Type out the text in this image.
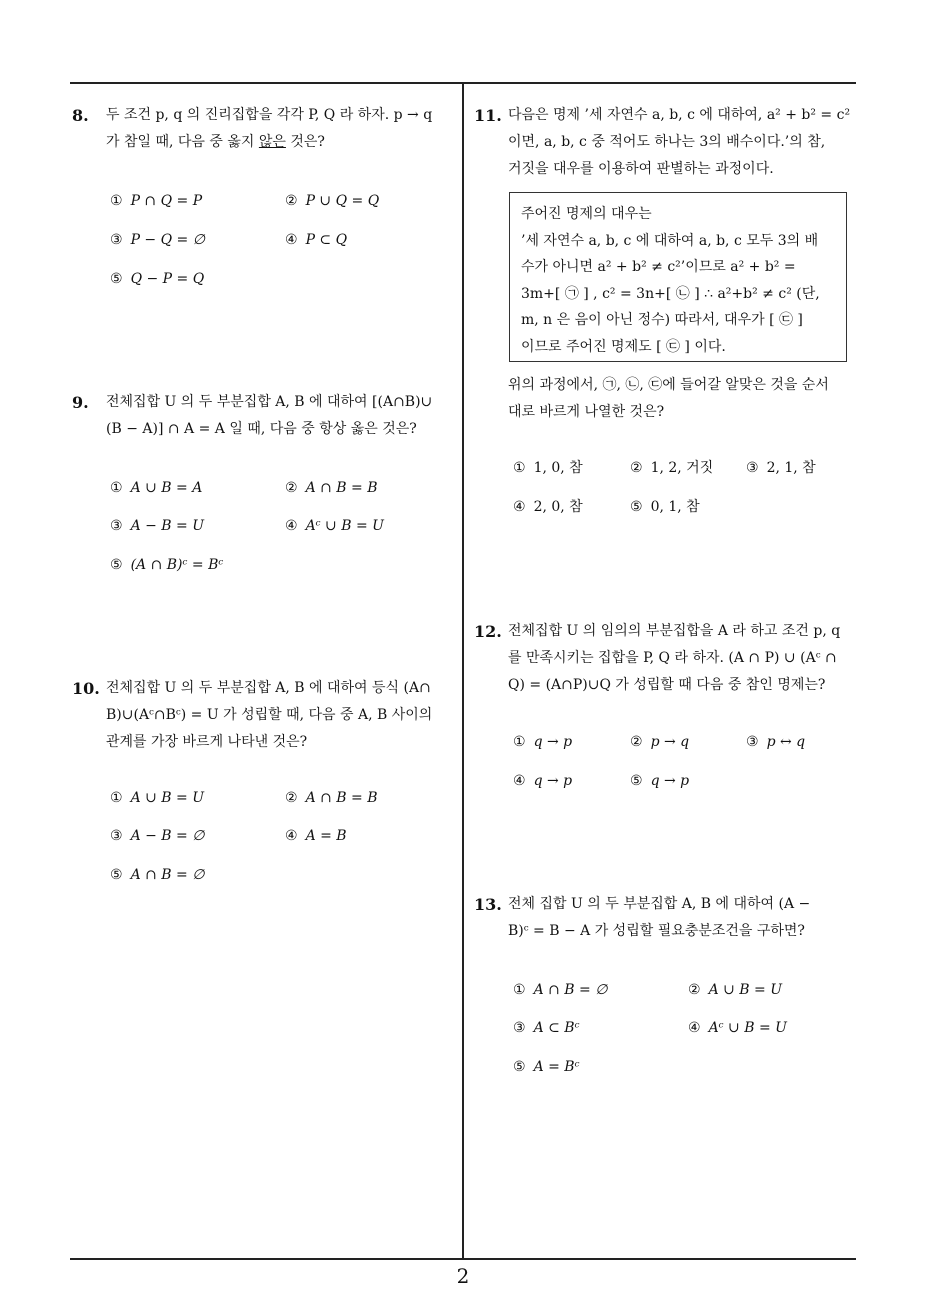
8. 두 조건 p, q 의 진리집합을 각각 P, Q 라 하자. p → q
가 참일 때, 다음 중 옳지 않은 것은?
① P ∩ Q = P	② P ∪ Q = Q
③ P − Q = ∅	④ P ⊂ Q
⑤ Q − P = Q
9. 전체집합 U 의 두 부분집합 A, B 에 대하여 [(A∩B)∪
(B − A)] ∩ A = A 일 때, 다음 중 항상 옳은 것은?
① A ∪ B = A	② A ∩ B = B
③ A − B = U	④ Aᶜ ∪ B = U
⑤ (A ∩ B)ᶜ = Bᶜ
10. 전체집합 U 의 두 부분집합 A, B 에 대하여 등식 (A∩
B)∪(Aᶜ∩Bᶜ) = U 가 성립할 때, 다음 중 A, B 사이의
관계를 가장 바르게 나타낸 것은?
① A ∪ B = U	② A ∩ B = B
③ A − B = ∅	④ A = B
⑤ A ∩ B = ∅
11. 다음은 명제 ’세 자연수 a, b, c 에 대하여, a² + b² = c²
이면, a, b, c 중 적어도 하나는 3의 배수이다.’의 참,
거짓을 대우를 이용하여 판별하는 과정이다.
주어진 명제의 대우는
’세 자연수 a, b, c 에 대하여 a, b, c 모두 3의 배
수가 아니면 a² + b² ≠ c²’이므로 a² + b² =
3m+[ ㉠ ] , c² = 3n+[ ㉡ ] ∴ a²+b² ≠ c² (단,
m, n 은 음이 아닌 정수) 따라서, 대우가 [ ㉢ ]
이므로 주어진 명제도 [ ㉢ ] 이다.
위의 과정에서, ㉠, ㉡, ㉢에 들어갈 알맞은 것을 순서
대로 바르게 나열한 것은?
① 1, 0, 참	② 1, 2, 거짓 ③ 2, 1, 참
④ 2, 0, 참	⑤ 0, 1, 참
12. 전체집합 U 의 임의의 부분집합을 A 라 하고 조건 p, q
를 만족시키는 집합을 P, Q 라 하자. (A ∩ P) ∪ (Aᶜ ∩
Q) = (A∩P)∪Q 가 성립할 때 다음 중 참인 명제는?
① q → p	② p → q	③ p ↔ q
④ q → p	⑤ q → p
13. 전체 집합 U 의 두 부분집합 A, B 에 대하여 (A −
B)ᶜ = B − A 가 성립할 필요충분조건을 구하면?
① A ∩ B = ∅	② A ∪ B = U
③ A ⊂ Bᶜ	④ Aᶜ ∪ B = U
⑤ A = Bᶜ
2
